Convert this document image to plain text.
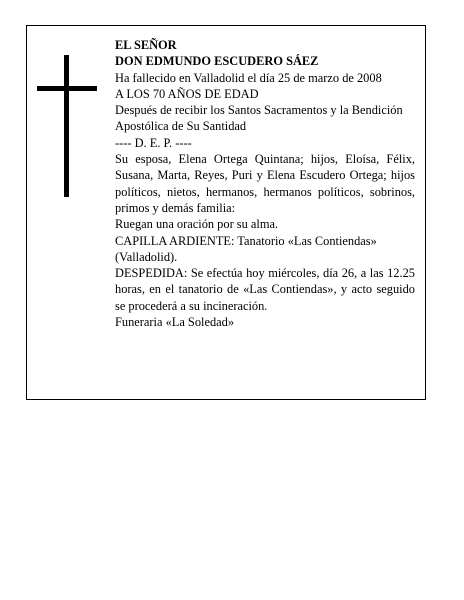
EL SEÑOR
DON EDMUNDO ESCUDERO SÁEZ
Ha fallecido en Valladolid el día 25 de marzo de 2008
A LOS 70 AÑOS DE EDAD
Después de recibir los Santos Sacramentos y la Bendición Apostólica de Su Santidad
---- D. E. P. ----
Su esposa, Elena Ortega Quintana; hijos, Eloísa, Félix, Susana, Marta, Reyes, Puri y Elena Escudero Ortega; hijos políticos, nietos, hermanos, hermanos políticos, sobrinos, primos y demás familia:
Ruegan una oración por su alma.
CAPILLA ARDIENTE: Tanatorio «Las Contiendas» (Valladolid).
DESPEDIDA: Se efectúa hoy miércoles, día 26, a las 12.25 horas, en el tanatorio de «Las Contiendas», y acto seguido se procederá a su incineración.
Funeraria «La Soledad»
